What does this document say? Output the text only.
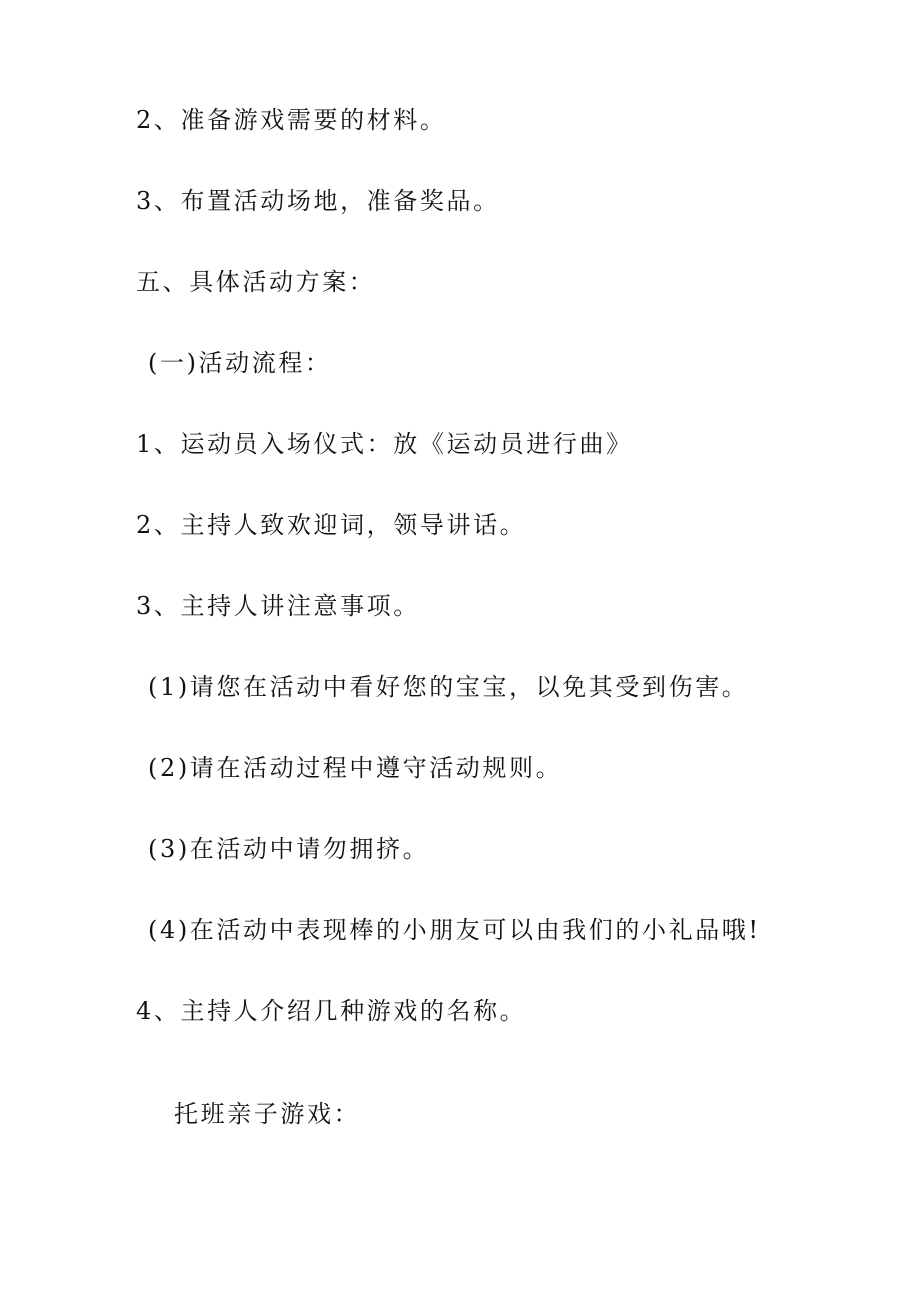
2、准备游戏需要的材料。
3、布置活动场地，准备奖品。
五、具体活动方案：
(一)活动流程：
1、运动员入场仪式：放《运动员进行曲》
2、主持人致欢迎词，领导讲话。
3、主持人讲注意事项。
(1)请您在活动中看好您的宝宝，以免其受到伤害。
(2)请在活动过程中遵守活动规则。
(3)在活动中请勿拥挤。
(4)在活动中表现棒的小朋友可以由我们的小礼品哦!
4、主持人介绍几种游戏的名称。
托班亲子游戏：
